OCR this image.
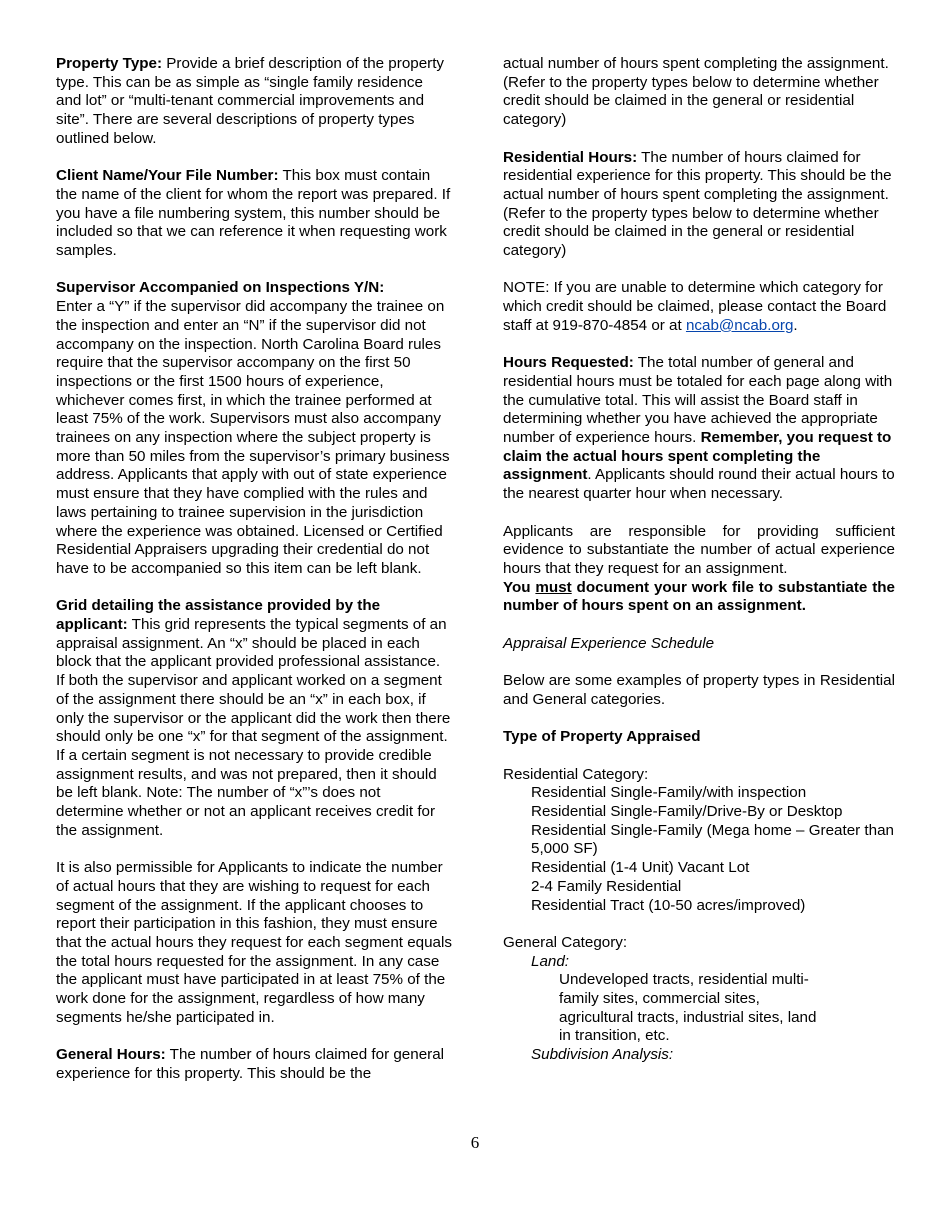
Property Type: Provide a brief description of the property type. This can be as simple as “single family residence and lot” or “multi-tenant commercial improvements and site”. There are several descriptions of property types outlined below.

Client Name/Your File Number: This box must contain the name of the client for whom the report was prepared. If you have a file numbering system, this number should be included so that we can reference it when requesting work samples.

Supervisor Accompanied on Inspections Y/N:
Enter a “Y” if the supervisor did accompany the trainee on the inspection and enter an “N” if the supervisor did not accompany on the inspection. North Carolina Board rules require that the supervisor accompany on the first 50 inspections or the first 1500 hours of experience, whichever comes first, in which the trainee performed at least 75% of the work. Supervisors must also accompany trainees on any inspection where the subject property is more than 50 miles from the supervisor’s primary business address. Applicants that apply with out of state experience must ensure that they have complied with the rules and laws pertaining to trainee supervision in the jurisdiction where the experience was obtained. Licensed or Certified Residential Appraisers upgrading their credential do not have to be accompanied so this item can be left blank.

Grid detailing the assistance provided by the applicant: This grid represents the typical segments of an appraisal assignment. An “x” should be placed in each block that the applicant provided professional assistance. If both the supervisor and applicant worked on a segment of the assignment there should be an “x” in each box, if only the supervisor or the applicant did the work then there should only be one “x” for that segment of the assignment. If a certain segment is not necessary to provide credible assignment results, and was not prepared, then it should be left blank. Note: The number of “x”’s does not determine whether or not an applicant receives credit for the assignment.

It is also permissible for Applicants to indicate the number of actual hours that they are wishing to request for each segment of the assignment. If the applicant chooses to report their participation in this fashion, they must ensure that the actual hours they request for each segment equals the total hours requested for the assignment. In any case the applicant must have participated in at least 75% of the work done for the assignment, regardless of how many segments he/she participated in.

General Hours: The number of hours claimed for general experience for this property. This should be the

actual number of hours spent completing the assignment. (Refer to the property types below to determine whether credit should be claimed in the general or residential category)

Residential Hours: The number of hours claimed for residential experience for this property. This should be the actual number of hours spent completing the assignment. (Refer to the property types below to determine whether credit should be claimed in the general or residential category)

NOTE: If you are unable to determine which category for which credit should be claimed, please contact the Board staff at 919-870-4854 or at ncab@ncab.org.

Hours Requested: The total number of general and residential hours must be totaled for each page along with the cumulative total. This will assist the Board staff in determining whether you have achieved the appropriate number of experience hours. Remember, you request to claim the actual hours spent completing the assignment. Applicants should round their actual hours to the nearest quarter hour when necessary.

Applicants are responsible for providing sufficient evidence to substantiate the number of actual experience hours that they request for an assignment.
You must document your work file to substantiate the number of hours spent on an assignment.

Appraisal Experience Schedule

Below are some examples of property types in Residential and General categories.

Type of Property Appraised

Residential Category:
Residential Single-Family/with inspection
Residential Single-Family/Drive-By or Desktop
Residential Single-Family (Mega home – Greater than 5,000 SF)
Residential (1-4 Unit) Vacant Lot
2-4 Family Residential
Residential Tract (10-50 acres/improved)
General Category:
Land:
Undeveloped tracts, residential multi-family sites, commercial sites, agricultural tracts, industrial sites, land in transition, etc.
Subdivision Analysis:
6
